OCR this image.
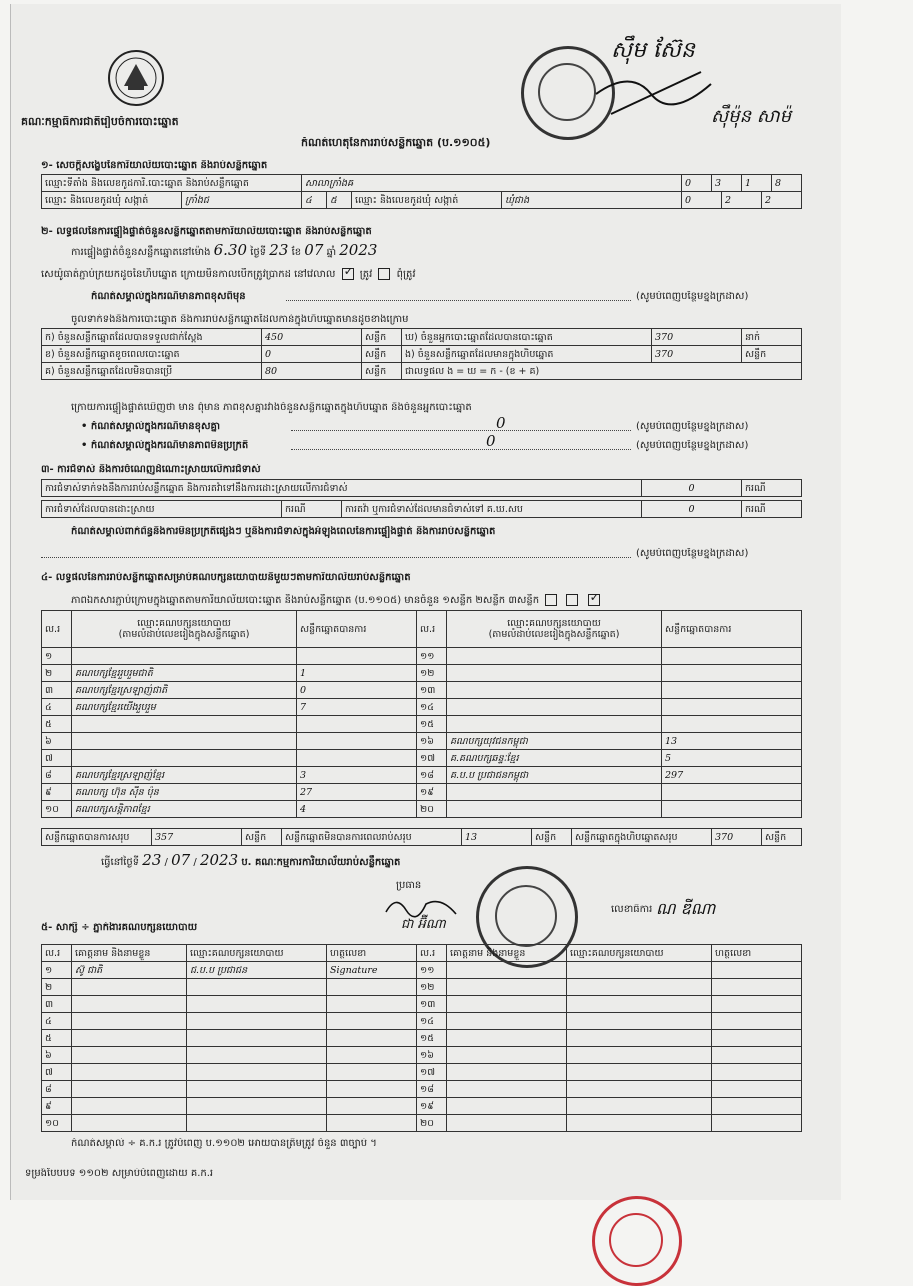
គណៈកម្មាធិការជាតិរៀបចំការបោះឆ្នោត
កំណត់ហេតុនៃការរាប់សន្លឹកឆ្នោត (ប.១១០៥)
ស៊ឹម ស៊ែន
ស៊ឹម៉ុន សាម៉
១- សេចក្តីសង្ខេបនៃការិយាល័យបោះឆ្នោត និងរាប់សន្លឹកឆ្នោត
ឈ្មោះទីតាំង និងលេខកូដការិ.បោះឆ្នោត និងរាប់សន្លឹកឆ្នោត	សាលាក្រាំងឝ	0	3	1	8
ឈ្មោះ និងលេខកូដឃុំ សង្កាត់	ក្រាំងជ	៤	៥	ឈ្មោះ និងលេខកូដឃុំ សង្កាត់	ឃុំជាង	0	2	2
២- លទ្ធផលនៃការផ្ទៀងផ្ទាត់ចំនួនសន្លឹកឆ្នោតតាមការិយាល័យបោះឆ្នោត និងរាប់សន្លឹកឆ្នោត
ការផ្ទៀងផ្ទាត់ចំនួនសន្លឹកឆ្នោតនៅម៉ោង 6.30 ថ្ងៃទី 23 ខែ 07 ឆ្នាំ 2023
សេយ៉ូធាត់ភ្ជាប់ក្រយកដូចនៃហិបឆ្នោត ក្រោយមិនកាលបើកត្រូវប្រាកដ នៅវេលាល ✓ ត្រូវ ពុំត្រូវ
កំណត់សម្គាល់ក្នុងករណីមានភាពខុសពីមុន	(សូមបំពេញបន្ថែមខ្នងក្រដាស)
ចូលទាក់ទងនឹងការបោះឆ្នោត និងការរាប់សន្លឹកឆ្នោតដែលកាន់ក្នុងហិបឆ្នោតមានដូចខាងក្រោម
ក) ចំនួនសន្លឹកឆ្នោតដែលបានទទួលជាក់ស្តែង	450	សន្លឹក	ឃ) ចំនួនអ្នកបោះឆ្នោតដែលបានបោះឆ្នោត	370	នាក់
ខ) ចំនួនសន្លឹកឆ្នោតខូចពេលបោះឆ្នោត	0	សន្លឹក	ង) ចំនួនសន្លឹកឆ្នោតដែលមានក្នុងហិបឆ្នោត	370	សន្លឹក
គ) ចំនួនសន្លឹកឆ្នោតដែលមិនបានប្រើ	80	សន្លឹក	ជាលទ្ធផល ង = ឃ = ក - (ខ + គ)		
ក្រោយការផ្ទៀងផ្ទាត់ឃើញថា មាន ពុំមាន ភាពខុសគ្នារវាងចំនួនសន្លឹកឆ្នោតក្នុងហិបឆ្នោត និងចំនួនអ្នកបោះឆ្នោត
• កំណត់សម្គាល់ក្នុងករណីមានខុសគ្នា	0	(សូមបំពេញបន្ថែមខ្នងក្រដាស)
• កំណត់សម្គាល់ក្នុងករណីមានភាពមិនប្រក្រតី	0	(សូមបំពេញបន្ថែមខ្នងក្រដាស)
៣- ការជំទាស់ និងការចំណេញដំណោះស្រាយលើការជំទាស់
ការជំទាស់ទាក់ទងនឹងការរាប់សន្លឹកឆ្នោត និងការតវ៉ាទៅនឹងការដោះស្រាយលើការជំទាស់	0	ករណី
ការជំទាស់ដែលបានដោះស្រាយ	ករណី	ការតវ៉ា ឬការជំទាស់ដែលមានជំទាស់ទៅ គ.ឃ.សប	0	ករណី
កំណត់សម្គាល់ពាក់ព័ន្ធនឹងការមិនប្រក្រតីផ្សេងៗ ឬនឹងការជំទាស់ក្នុងអំឡុងពេលនៃការផ្ទៀងផ្ទាត់ និងការរាប់សន្លឹកឆ្នោត
(សូមបំពេញបន្ថែមខ្នងក្រដាស)
៤- លទ្ធផលនៃការរាប់សន្លឹកឆ្នោតសម្រាប់គណបក្សនយោបាយនីមួយៗតាមការិយាល័យរាប់សន្លឹកឆ្នោត
ភាពឯកសារភ្ជាប់ក្រោមក្នុងឆ្នោតតាមការិយាល័យបោះឆ្នោត និងរាប់សន្លឹកឆ្នោត (ប.១១០៥) មានចំនួន ១សន្លឹក ២សន្លឹក ៣សន្លឹក	✓
ល.រ	ឈ្មោះគណបក្សនយោបាយ
(តាមលំដាប់លេខរៀងក្នុងសន្លឹកឆ្នោត)	សន្លឹកឆ្នោតបានការ
១		
២	គណបក្សខ្មែររួបរួមជាតិ	1
៣	គណបក្សខ្មែរស្រឡាញ់ជាតិ	0
៤	គណបក្សខ្មែរយើងរួបរួម	7
៥		
៦		
៧		
៨	គណបក្សខ្មែរស្រឡាញ់ខ្មែរ	3
៩	គណបក្ស ហ៊ុន ស៊ីន ប៉ុន	27
១០	គណបក្សសន្តិភាពខ្មែរ	4
ល.រ	ឈ្មោះគណបក្សនយោបាយ
(តាមលំដាប់លេខរៀងក្នុងសន្លឹកឆ្នោត)	សន្លឹកឆ្នោតបានការ
១១		
១២		
១៣		
១៤		
១៥		
១៦	គណបក្សយុវជនកម្ពុជា	13
១៧	គ.គណបក្សឆន្ទៈខ្មែរ	5
១៨	គ.ប.ប ប្រជាជនកម្ពុជា	297
១៩		
២០		
សន្លឹកឆ្នោតបានការសរុប	357	សន្លឹក	សន្លឹកឆ្នោតមិនបានការពេលរាប់សរុប	13	សន្លឹក	សន្លឹកឆ្នោតក្នុងហិបឆ្នោតសរុប	370	សន្លឹក
ធ្វើនៅថ្ងៃទី 23 / 07 / 2023 ប. គណៈកម្មការការិយាល័យរាប់សន្លឹកឆ្នោត
ប្រធាន
ជា អ៊ីណា
លេខាធិការ ណ ឌីណា
៥- សាក្សី ÷ ភ្នាក់ងារគណបក្សនយោបាយ
ល.រ	គោត្តនាម និងនាមខ្លួន	ឈ្មោះគណបក្សនយោបាយ	ហត្ថលេខា
១	ស៊ូ ជាតិ	ជ.ប.ប ប្រជាជន	Signature
២			
៣			
៤			
៥			
៦			
៧			
៨			
៩			
១០			
ល.រ	គោត្តនាម និងនាមខ្លួន	ឈ្មោះគណបក្សនយោបាយ	ហត្ថលេខា
១១			
១២			
១៣			
១៤			
១៥			
១៦			
១៧			
១៨			
១៩			
២០			
កំណត់សម្គាល់ ÷ គ.ក.រ ត្រូវបំពេញ ប.១១០២ អោយបានត្រឹមត្រូវ ចំនួន ៣ច្បាប់ ។
ទម្រង់បែបបទ ១១០២ សម្រាប់បំពេញដោយ គ.ក.រ
